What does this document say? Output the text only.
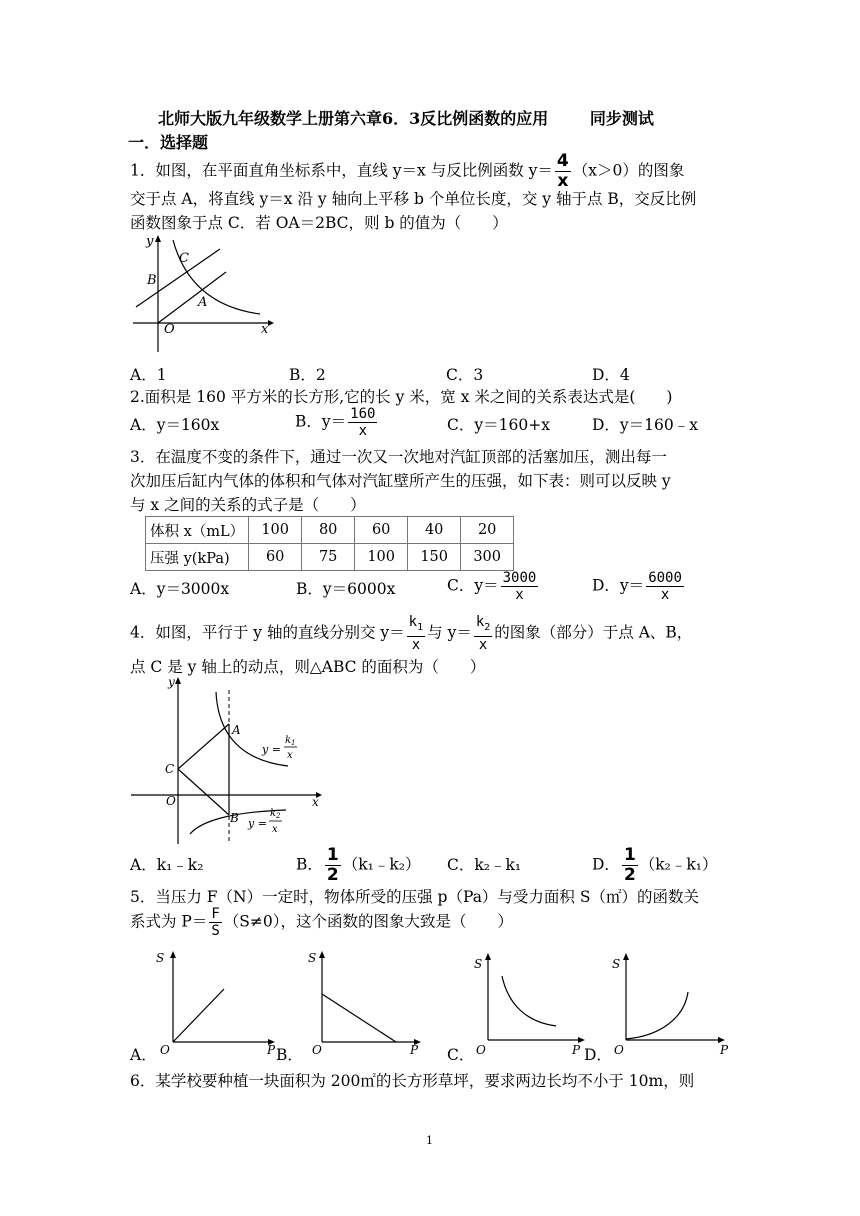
北师大版九年级数学上册第六章6．3反比例函数的应用	同步测试
一．选择题
1．如图，在平面直角坐标系中，直线 y＝x 与反比例函数 $y= \frac{4}{x} (x>0)$的图象
交于点 A，将直线 y＝x 沿 y 轴向上平移 b 个单位长度，交 y 轴于点 B，交反比例
函数图象于点 C．若 OA＝2BC，则 b 的值为（　　）
y
x
O
A
B
C
A．1	B．2	C．3	D．4
2.面积是 160 平方米的长方形,它的长 y 米，宽 x 米之间的关系表达式是(　　)
A．y＝160x	B．$y= \frac{160}{x}$	C．y＝160+x	D．y＝160﹣x
3．在温度不变的条件下，通过一次又一次地对汽缸顶部的活塞加压，测出每一
次加压后缸内气体的体积和气体对汽缸壁所产生的压强，如下表：则可以反映 y
与 x 之间的关系的式子是（　　）
体积 x（mL）	100	80	60	40	20
压强 y(kPa)	60	75	100	150	300
A．y＝3000x	B．y＝6000x	C．$y= \frac{3000}{x}$	D．$y= \frac{6000}{x}$
4．如图，平行于 y 轴的直线分别交 $y= \frac{k_1}{x}$ 与 $y= \frac{k_2}{x}$ 的图象（部分）于点 A、B，
点 C 是 y 轴上的动点，则△ABC 的面积为（　　）
y
x
O
A
B
C
y =
k 1
x
y =
k 2
x
A．k₁﹣k₂	B． $\frac{1}{2}$ （k₁﹣k₂） C．k₂﹣k₁	D． $\frac{1}{2}$ （k₂﹣k₁）
5．当压力 F（N）一定时，物体所受的压强 p（Pa）与受力面积 S（㎡）的函数关
系式为 $P= \frac{F}{S} (S\ne 0)$，这个函数的图象大致是（　　）
S
P
O
A．
S
P
O
B．
S
P
O
C．
S
P
O
D．
6．某学校要种植一块面积为 200㎡的长方形草坪，要求两边长均不小于 10m，则
1
